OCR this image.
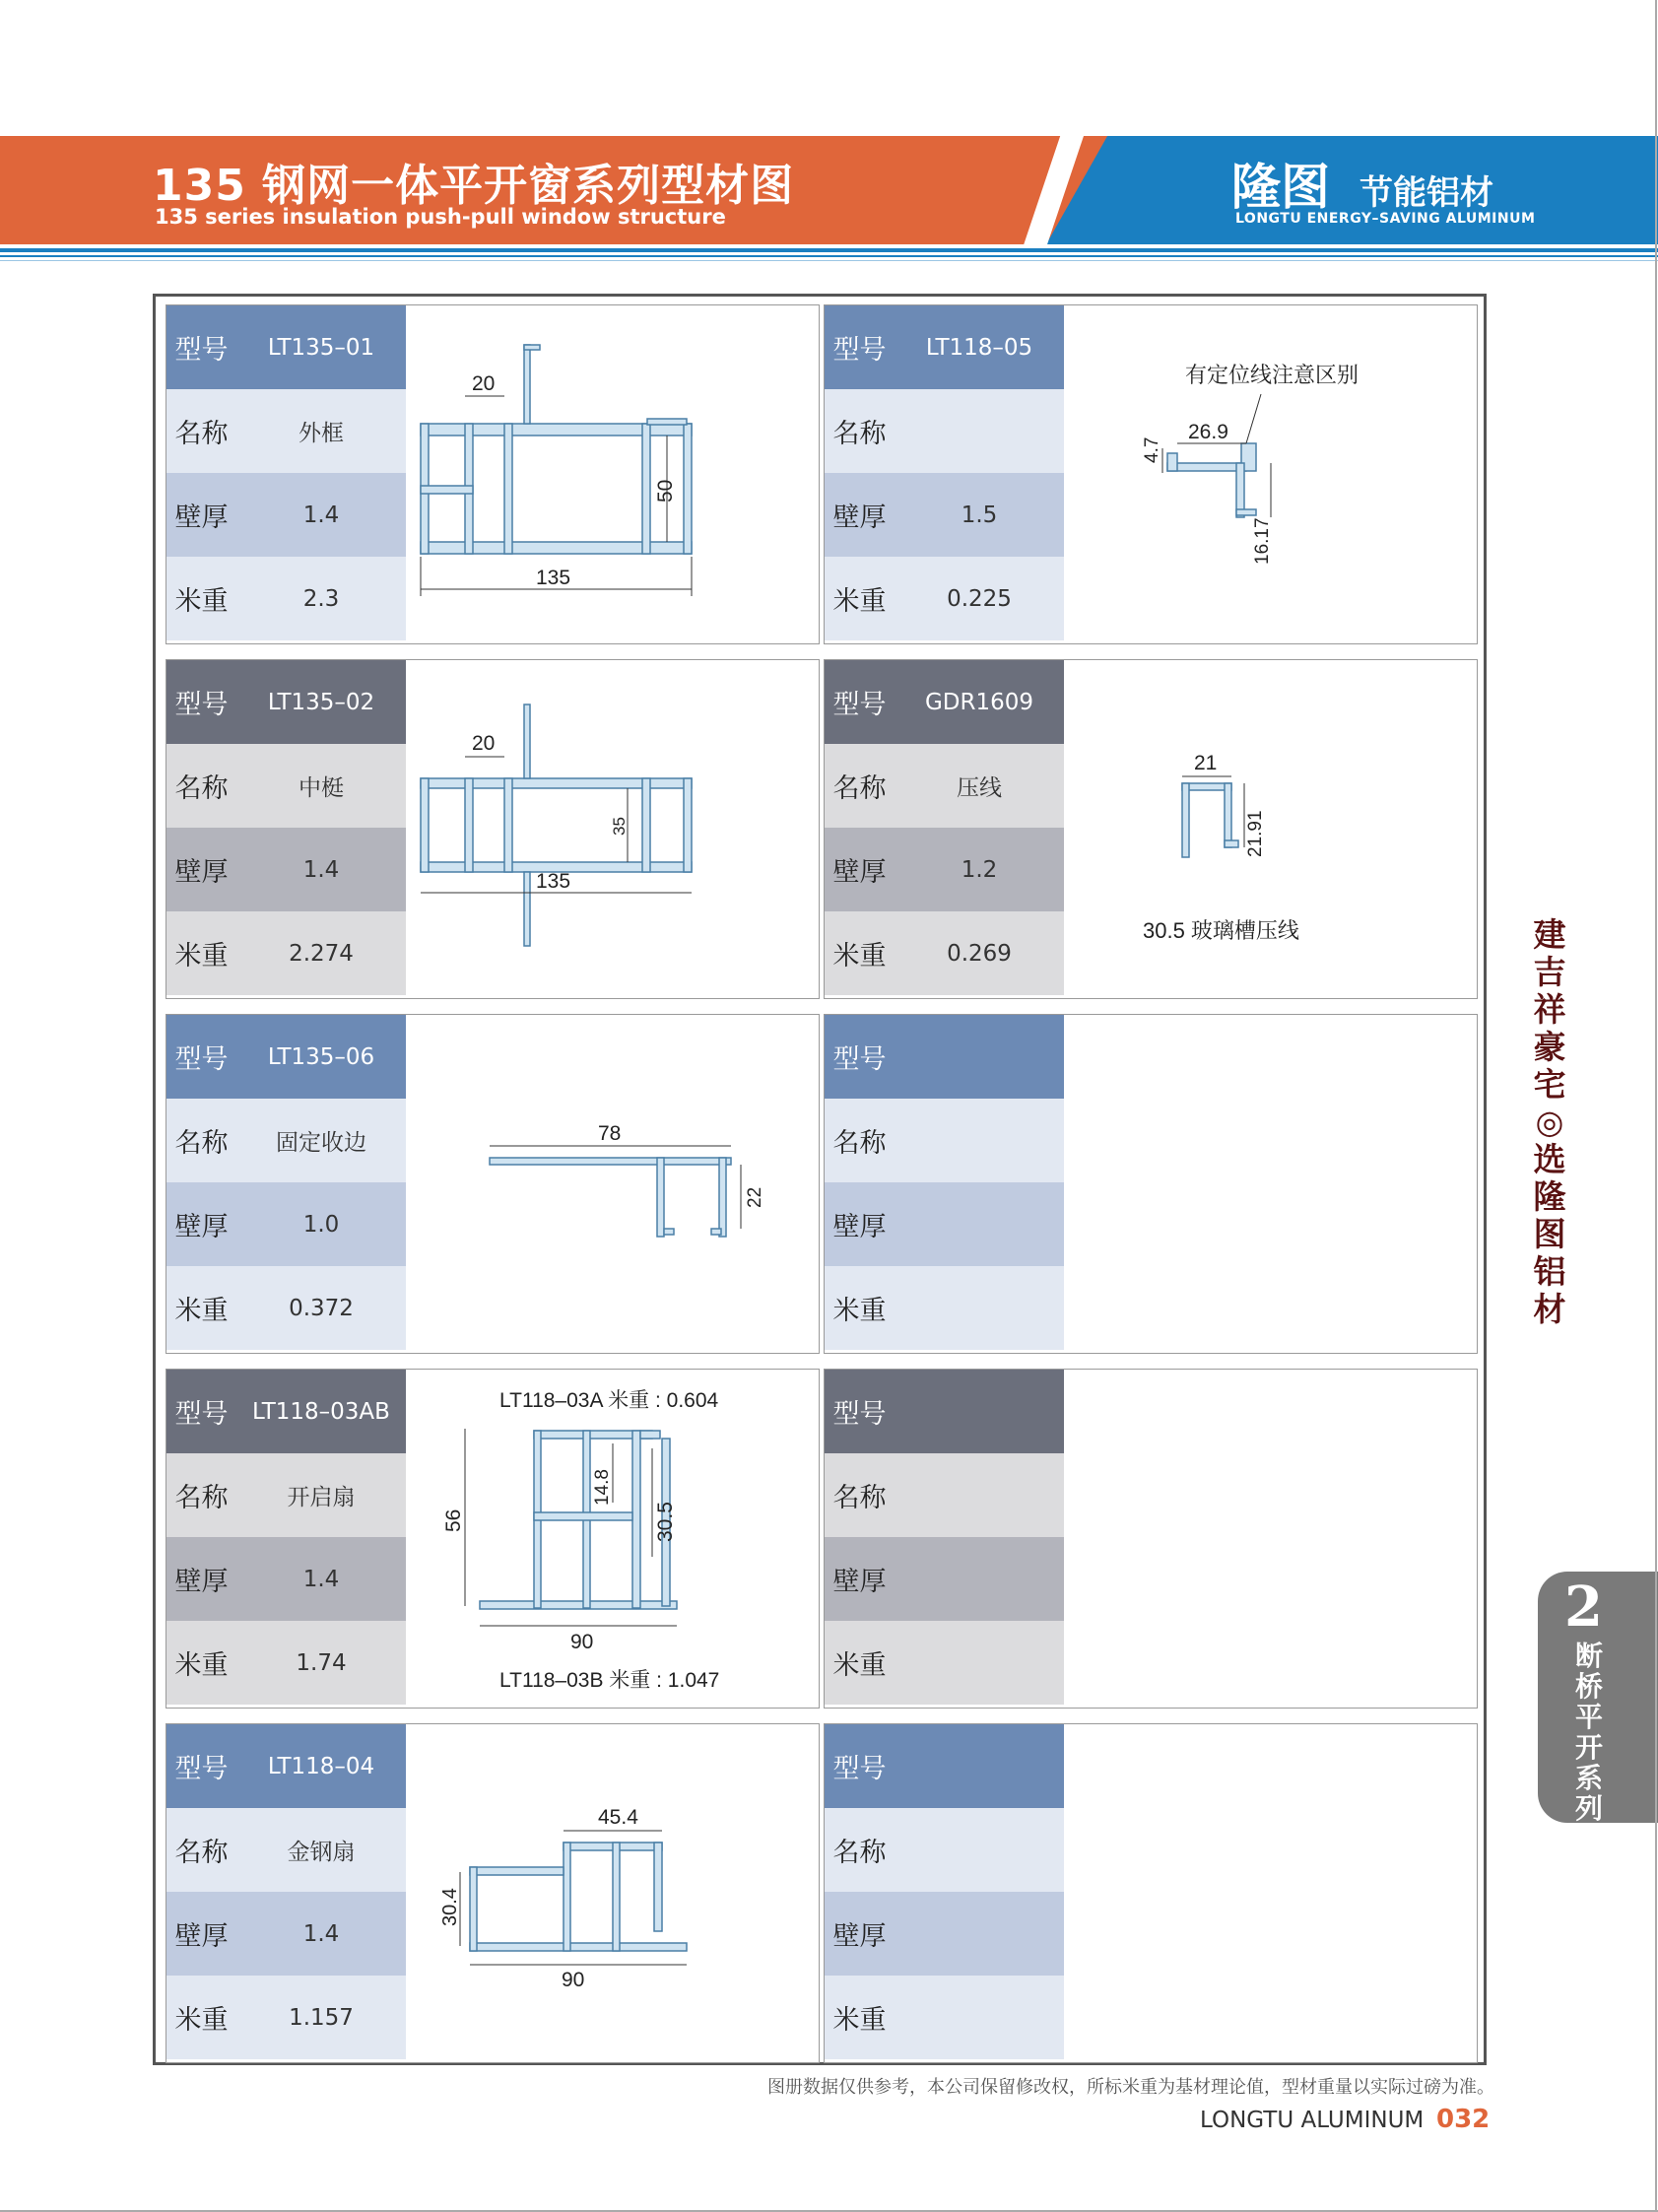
135 钢网一体平开窗系列型材图
135 series insulation push-pull window structure
隆图 节能铝材
LONGTU ENERGY–SAVING ALUMINUM
型号	LT135–01
名称	外框
壁厚	1.4
米重	2.3
20
135
50
型号	LT118–05
名称
壁厚	1.5
米重	0.225
有定位线注意区别
26.9
4.7
16.17
型号	LT135–02
名称	中梃
壁厚	1.4
米重	2.274
20
135
35
型号	GDR1609
名称	压线
壁厚	1.2
米重	0.269
21
21.91
30.5 玻璃槽压线
型号	LT135–06
名称	固定收边
壁厚	1.0
米重	0.372
78
22
型号
名称
壁厚
米重
型号	LT118–03AB
名称	开启扇
壁厚	1.4
米重	1.74
LT118–03A 米重 : 0.604
LT118–03B 米重 : 1.047
56
14.8
30.5
90
型号
名称
壁厚
米重
型号	LT118–04
名称	金钢扇
壁厚	1.4
米重	1.157
45.4
90
30.4
型号
名称
壁厚
米重
建吉祥豪宅◎选隆图铝材
2
断桥平开系列
图册数据仅供参考，本公司保留修改权，所标米重为基材理论值，型材重量以实际过磅为准。
LONGTU ALUMINUM 032
